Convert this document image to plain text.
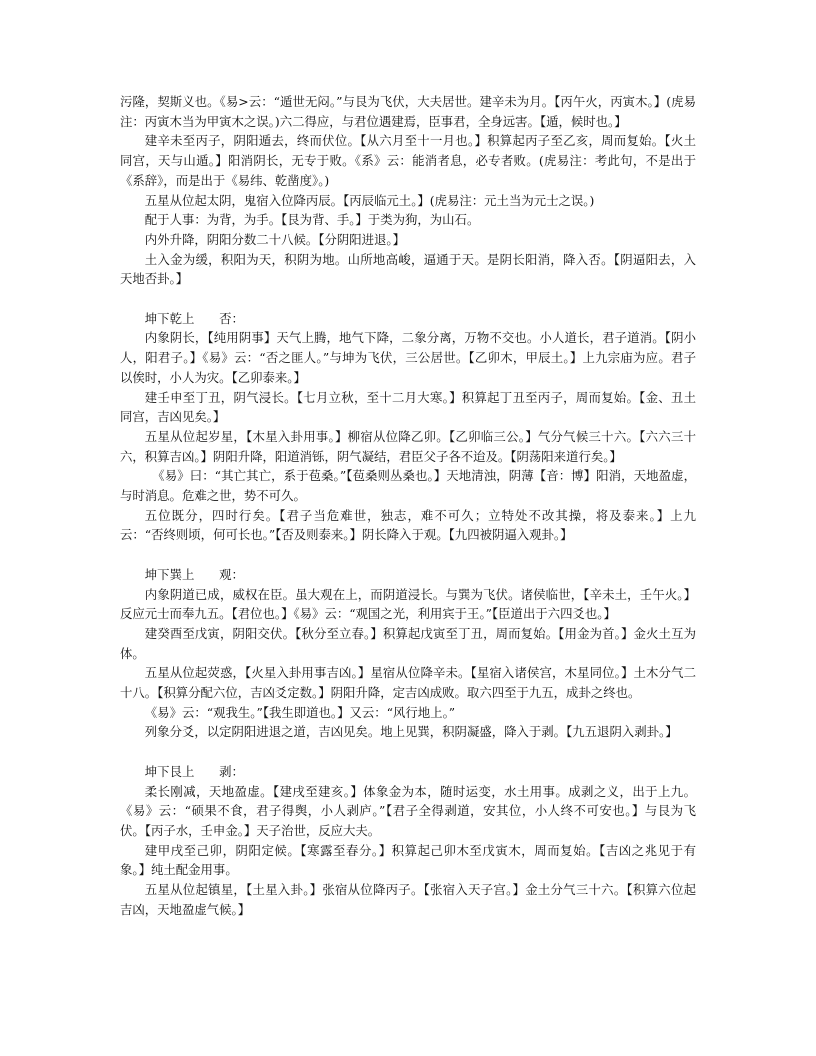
污隆，契斯义也。《易>云：“遁世无闷。”与艮为飞伏，大夫居世。建辛未为月。【丙午火，丙寅木。】(虎易注：丙寅木当为甲寅木之误。)六二得应，与君位遇建焉，臣事君，全身远害。【遁，候时也。】

建辛未至丙子，阴阳遁去，终而伏位。【从六月至十一月也。】积算起丙子至乙亥，周而复始。【火土同宫，天与山遁。】阳消阴长，无专于败。《系》云：能消者息，必专者败。(虎易注：考此句，不是出于《系辞》，而是出于《易纬、乾凿度》。)

五星从位起太阴，鬼宿入位降丙辰。【丙辰临元土。】(虎易注：元土当为元士之误。)

配于人事：为背，为手。【艮为背、手。】于类为狗，为山石。

内外升降，阴阳分数二十八候。【分阴阳进退。】

土入金为缓，积阳为天，积阴为地。山所地高峻，逼通于天。是阴长阳消，降入否。【阴逼阳去，入天地否卦。】

坤下乾上　　否：

内象阴长，【纯用阴事】天气上腾，地气下降，二象分离，万物不交也。小人道长，君子道消。【阴小人，阳君子。】《易》云：“否之匪人。”与坤为飞伏，三公居世。【乙卯木，甲辰土。】上九宗庙为应。君子以俟时，小人为灾。【乙卯泰来。】

建壬申至丁丑，阴气浸长。【七月立秋，至十二月大寒。】积算起丁丑至丙子，周而复始。【金、丑土同宫，吉凶见矣。】

五星从位起岁星，【木星入卦用事。】柳宿从位降乙卯。【乙卯临三公。】气分气候三十六。【六六三十六，积算吉凶。】阴阳升降，阳道消铄，阴气凝结，君臣父子各不迨及。【阴荡阳来道行矣。】

《易》曰：“其亡其亡，系于苞桑。”【苞桑则丛桑也。】天地清浊，阴薄【音：博】阳消，天地盈虚，与时消息。危难之世，势不可久。

五位既分，四时行矣。【君子当危难世，独志，难不可久；立特处不改其操，将及泰来。】上九云：“否终则顷，何可长也。”【否及则泰来。】阴长降入于观。【九四被阴逼入观卦。】

坤下巽上　　观：

内象阴道已成，威权在臣。虽大观在上，而阴道浸长。与巽为飞伏。诸侯临世，【辛未土，壬午火。】反应元士而奉九五。【君位也。】《易》云：“观国之光，利用宾于王。”【臣道出于六四爻也。】

建癸酉至戊寅，阴阳交伏。【秋分至立春。】积算起戊寅至丁丑，周而复始。【用金为首。】金火土互为体。

五星从位起荧惑，【火星入卦用事吉凶。】星宿从位降辛未。【星宿入诸侯宫，木星同位。】土木分气二十八。【积算分配六位，吉凶爻定数。】阴阳升降，定吉凶成败。取六四至于九五，成卦之终也。

《易》云：“观我生。”【我生即道也。】又云：“风行地上。”

列象分爻，以定阴阳进退之道，吉凶见矣。地上见巽，积阴凝盛，降入于剥。【九五退阴入剥卦。】

坤下艮上　　剥：

柔长刚减，天地盈虚。【建戌至建亥。】体象金为本，随时运变，水土用事。成剥之义，出于上九。《易》云：“硕果不食，君子得舆，小人剥庐。”【君子全得剥道，安其位，小人终不可安也。】与艮为飞伏。【丙子水，壬申金。】天子治世，反应大夫。

建甲戌至己卯，阴阳定候。【寒露至春分。】积算起己卯木至戊寅木，周而复始。【吉凶之兆见于有象。】纯土配金用事。

五星从位起镇星，【土星入卦。】张宿从位降丙子。【张宿入天子宫。】金土分气三十六。【积算六位起吉凶，天地盈虚气候。】
